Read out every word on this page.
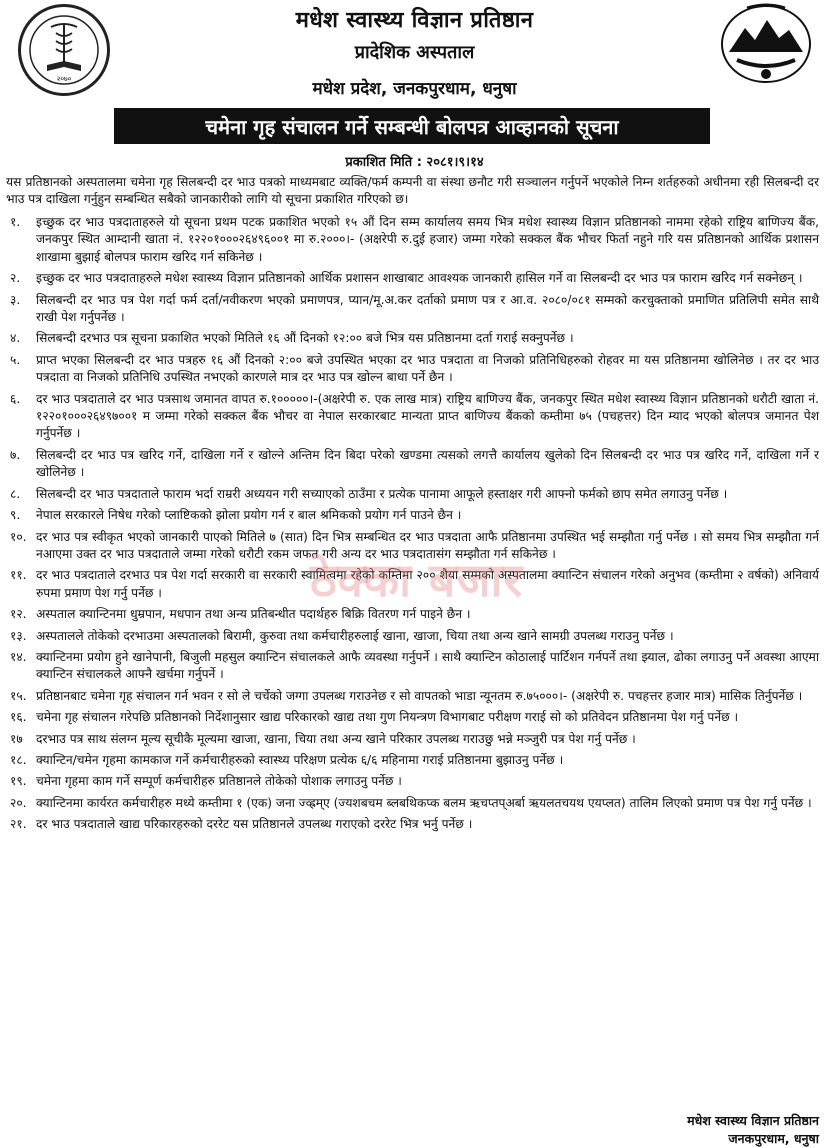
२०७०
मधेश स्वास्थ्य विज्ञान प्रतिष्ठान
प्रादेशिक अस्पताल
मधेश प्रदेश, जनकपुरधाम, धनुषा
चमेना गृह संचालन गर्ने सम्बन्धी बोलपत्र आव्हानको सूचना
प्रकाशित मिति : २०८१।९।१४

यस प्रतिष्ठानको अस्पतालमा चमेना गृह सिलबन्दी दर भाउ पत्रको माध्यमबाट व्यक्ति/फर्म कम्पनी वा संस्था छनौट गरी सञ्चालन गर्नुपर्ने भएकोले निम्न शर्तहरुको अधीनमा रही सिलबन्दी दर भाउ पत्र दाखिला गर्नुहुन सम्बन्धित सबैको जानकारीको लागि यो सूचना प्रकाशित गरिएको छ।

१.	इच्छुक दर भाउ पत्रदाताहरुले यो सूचना प्रथम पटक प्रकाशित भएको १५ औं दिन सम्म कार्यालय समय भित्र मधेश स्वास्थ्य विज्ञान प्रतिष्ठानको नाममा रहेको राष्ट्रिय बाणिज्य बैंक, जनकपुर स्थित आम्दानी खाता नं. १२२०१०००२६४९६००१ मा रु.२०००।- (अक्षरेपी रु.दुई हजार) जम्मा गरेको सक्कल बैंक भौचर फिर्ता नहुने गरि यस प्रतिष्ठानको आर्थिक प्रशासन शाखामा बुझाई बोलपत्र फाराम खरिद गर्न सकिनेछ ।
२.	इच्छुक दर भाउ पत्रदाताहरुले मधेश स्वास्थ्य विज्ञान प्रतिष्ठानको आर्थिक प्रशासन शाखाबाट आवश्यक जानकारी हासिल गर्ने वा सिलबन्दी दर भाउ पत्र फाराम खरिद गर्न सक्नेछन् ।
३.	सिलबन्दी दर भाउ पत्र पेश गर्दा फर्म दर्ता/नवीकरण भएको प्रमाणपत्र, प्यान/मू.अ.कर दर्ताको प्रमाण पत्र र आ.व. २०८०/०८१ सम्मको करचुक्ताको प्रमाणित प्रतिलिपी समेत साथै राखी पेश गर्नुपर्नेछ ।
४.	सिलबन्दी दरभाउ पत्र सूचना प्रकाशित भएको मितिले १६ औं दिनको १२:०० बजे भित्र यस प्रतिष्ठानमा दर्ता गराई सक्नुपर्नेछ ।
५.	प्राप्त भएका सिलबन्दी दर भाउ पत्रहरु १६ औं दिनको २:०० बजे उपस्थित भएका दर भाउ पत्रदाता वा निजको प्रतिनिधिहरुको रोहवर मा यस प्रतिष्ठानमा खोलिनेछ । तर दर भाउ पत्रदाता वा निजको प्रतिनिधि उपस्थित नभएको कारणले मात्र दर भाउ पत्र खोल्न बाधा पर्ने छैन ।
६.	दर भाउ पत्रदाताले दर भाउ पत्रसाथ जमानत वापत रु.१०००००।-(अक्षरेपी रु. एक लाख मात्र) राष्ट्रिय बाणिज्य बैंक, जनकपुर स्थित मधेश स्वास्थ्य विज्ञान प्रतिष्ठानको धरौटी खाता नं. १२२०१०००२६४९७००१ म जम्मा गरेको सक्कल बैंक भौचर वा नेपाल सरकारबाट मान्यता प्राप्त बाणिज्य बैंकको कम्तीमा ७५ (पचहत्तर) दिन म्याद भएको बोलपत्र जमानत पेश गर्नुपर्नेछ ।
७.	सिलबन्दी दर भाउ पत्र खरिद गर्ने, दाखिला गर्ने र खोल्ने अन्तिम दिन बिदा परेको खण्डमा त्यसको लगत्तै कार्यालय खुलेको दिन सिलबन्दी दर भाउ पत्र खरिद गर्ने, दाखिला गर्ने र खोलिनेछ ।
८.	सिलबन्दी दर भाउ पत्रदाताले फाराम भर्दा राम्ररी अध्ययन गरी सच्याएको ठाउँमा र प्रत्येक पानामा आफूले हस्ताक्षर गरी आफ्नो फर्मको छाप समेत लगाउनु पर्नेछ ।
९.	नेपाल सरकारले निषेध गरेको प्लाष्टिकको झोला प्रयोग गर्न र बाल श्रमिकको प्रयोग गर्न पाउने छैन ।
१०. दर भाउ पत्र स्वीकृत भएको जानकारी पाएको मितिले ७ (सात) दिन भित्र सम्बन्धित दर भाउ पत्रदाता आफै प्रतिष्ठानमा उपस्थित भई सम्झौता गर्नु पर्नेछ । सो समय भित्र सम्झौता गर्न नआएमा उक्त दर भाउ पत्रदाताले जम्मा गरेको धरौटी रकम जफत गरी अन्य दर भाउ पत्रदातासंग सम्झौता गर्न सकिनेछ ।
११. दर भाउ पत्रदाताले दरभाउ पत्र पेश गर्दा सरकारी वा सरकारी स्वामित्वमा रहेको कम्तिमा २०० शैया सम्मको अस्पतालमा क्यान्टिन संचालन गरेको अनुभव (कम्तीमा २ वर्षको) अनिवार्य रुपमा प्रमाण पेश गर्नु पर्नेछ ।
१२. अस्पताल क्यान्टिनमा धुम्रपान, मधपान तथा अन्य प्रतिबन्धीत पदार्थहरु बिक्रि वितरण गर्न पाइने छैन ।
१३. अस्पतालले तोकेको दरभाउमा अस्पतालको बिरामी, कुरुवा तथा कर्मचारीहरुलाई खाना, खाजा, चिया तथा अन्य खाने सामग्री उपलब्ध गराउनु पर्नेछ ।
१४. क्यान्टिनमा प्रयोग हुने खानेपानी, बिजुली महसुल क्यान्टिन संचालकले आफै व्यवस्था गर्नुपर्ने । साथै क्यान्टिन कोठालाई पार्टिशन गर्नपर्ने तथा झ्याल, ढोका लगाउनु पर्ने अवस्था आएमा क्यान्टिन संचालकले आफ्नै खर्चमा गर्नुपर्ने ।
१५. प्रतिष्ठानबाट चमेना गृह संचालन गर्न भवन र सो ले चर्चेको जग्गा उपलब्ध गराउनेछ र सो वापतको भाडा न्यूनतम रु.७५०००।- (अक्षरेपी रु. पचहत्तर हजार मात्र) मासिक तिर्नुपर्नेछ ।
१६. चमेना गृह संचालन गरेपछि प्रतिष्ठानको निर्देशानुसार खाद्य परिकारको खाद्य तथा गुण नियन्त्रण विभागबाट परीक्षण गराई सो को प्रतिवेदन प्रतिष्ठानमा पेश गर्नु पर्नेछ ।
१७	दरभाउ पत्र साथ संलग्न मूल्य सूचीकै मूल्यमा खाजा, खाना, चिया तथा अन्य खाने परिकार उपलब्ध गराउछु भन्ने मञ्जुरी पत्र पेश गर्नु पर्नेछ ।
१८. क्यान्टिन/चमेन गृहमा कामकाज गर्ने कर्मचारीहरुको स्वास्थ्य परिक्षण प्रत्येक ६/६ महिनामा गराई प्रतिष्ठानमा बुझाउनु पर्नेछ ।
१९. चमेना गृहमा काम गर्ने सम्पूर्ण कर्मचारीहरु प्रतिष्ठानले तोकेको पोशाक लगाउनु पर्नेछ ।
२०. क्यान्टिनमा कार्यरत कर्मचारीहरु मध्ये कम्तीमा १ (एक) जना ज्व्ह्रम्ए (ज्यशबचम ब्लबथिकप्क बलम ऋचप्तप्अर्बा ऋयलतचयथ एयप्लत) तालिम लिएको प्रमाण पत्र पेश गर्नु पर्नेछ ।
२१. दर भाउ पत्रदाताले खाद्य परिकारहरुको दररेट यस प्रतिष्ठानले उपलब्ध गराएको दररेट भित्र भर्नु पर्नेछ ।
ठेक्का बजार
मधेश स्वास्थ्य विज्ञान प्रतिष्ठान
जनकपुरधाम, धनुषा
